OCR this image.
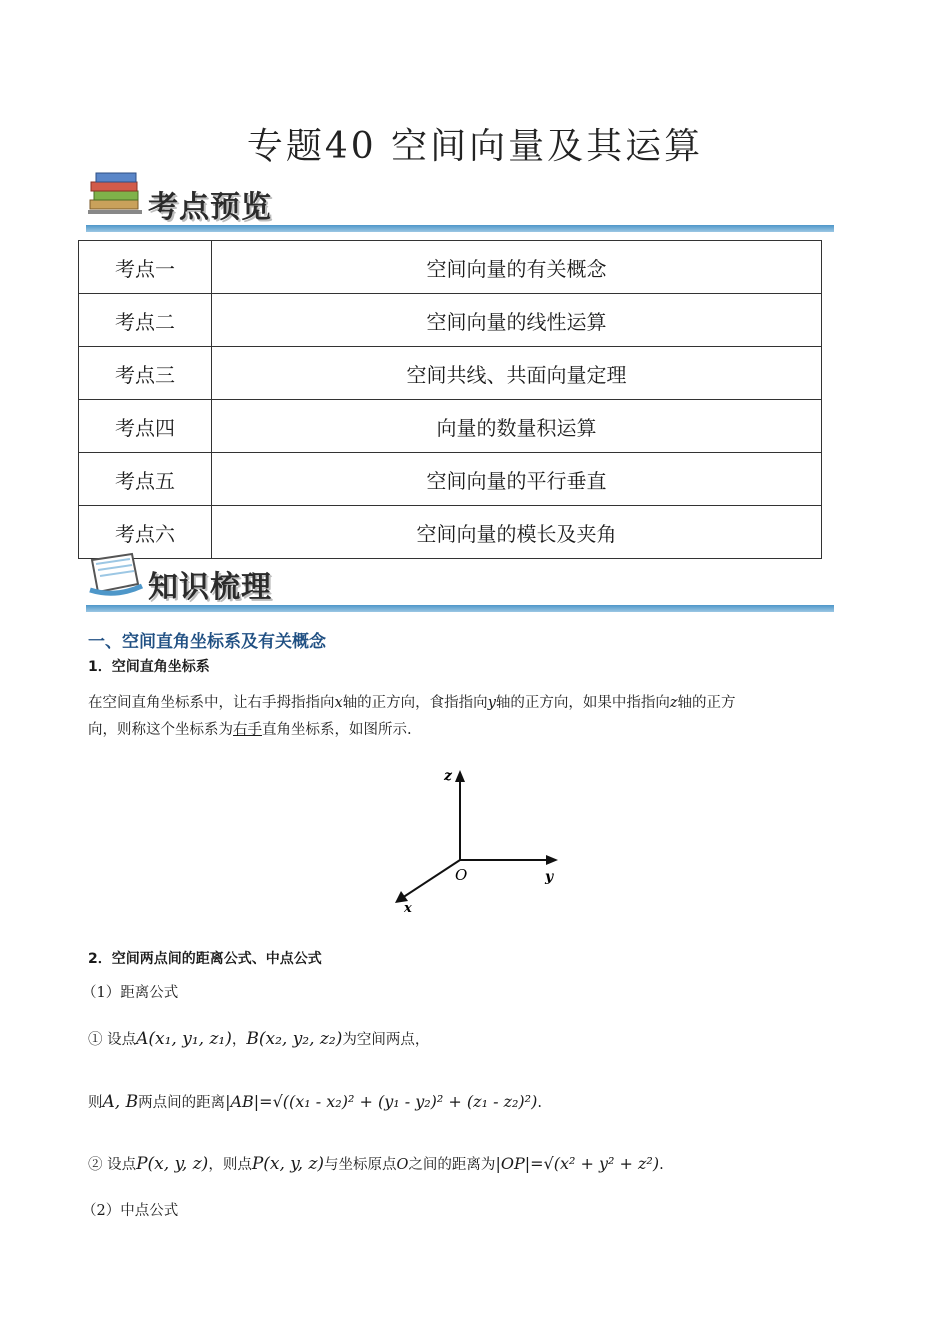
专题40 空间向量及其运算
考点预览
考点一	空间向量的有关概念
考点二	空间向量的线性运算
考点三	空间共线、共面向量定理
考点四	向量的数量积运算
考点五	空间向量的平行垂直
考点六	空间向量的模长及夹角
知识梳理
一、空间直角坐标系及有关概念
1．空间直角坐标系
在空间直角坐标系中，让右手拇指指向x轴的正方向，食指指向y轴的正方向，如果中指指向z轴的正方
向，则称这个坐标系为右手直角坐标系，如图所示.
z
y
x
O
2．空间两点间的距离公式、中点公式
（1）距离公式
① 设点A(x₁, y₁, z₁)，B(x₂, y₂, z₂)为空间两点，
则A, B两点间的距离|AB|=√((x₁ - x₂)² + (y₁ - y₂)² + (z₁ - z₂)²).
② 设点P(x, y, z)，则点P(x, y, z)与坐标原点O之间的距离为|OP|=√(x² + y² + z²).
（2）中点公式
